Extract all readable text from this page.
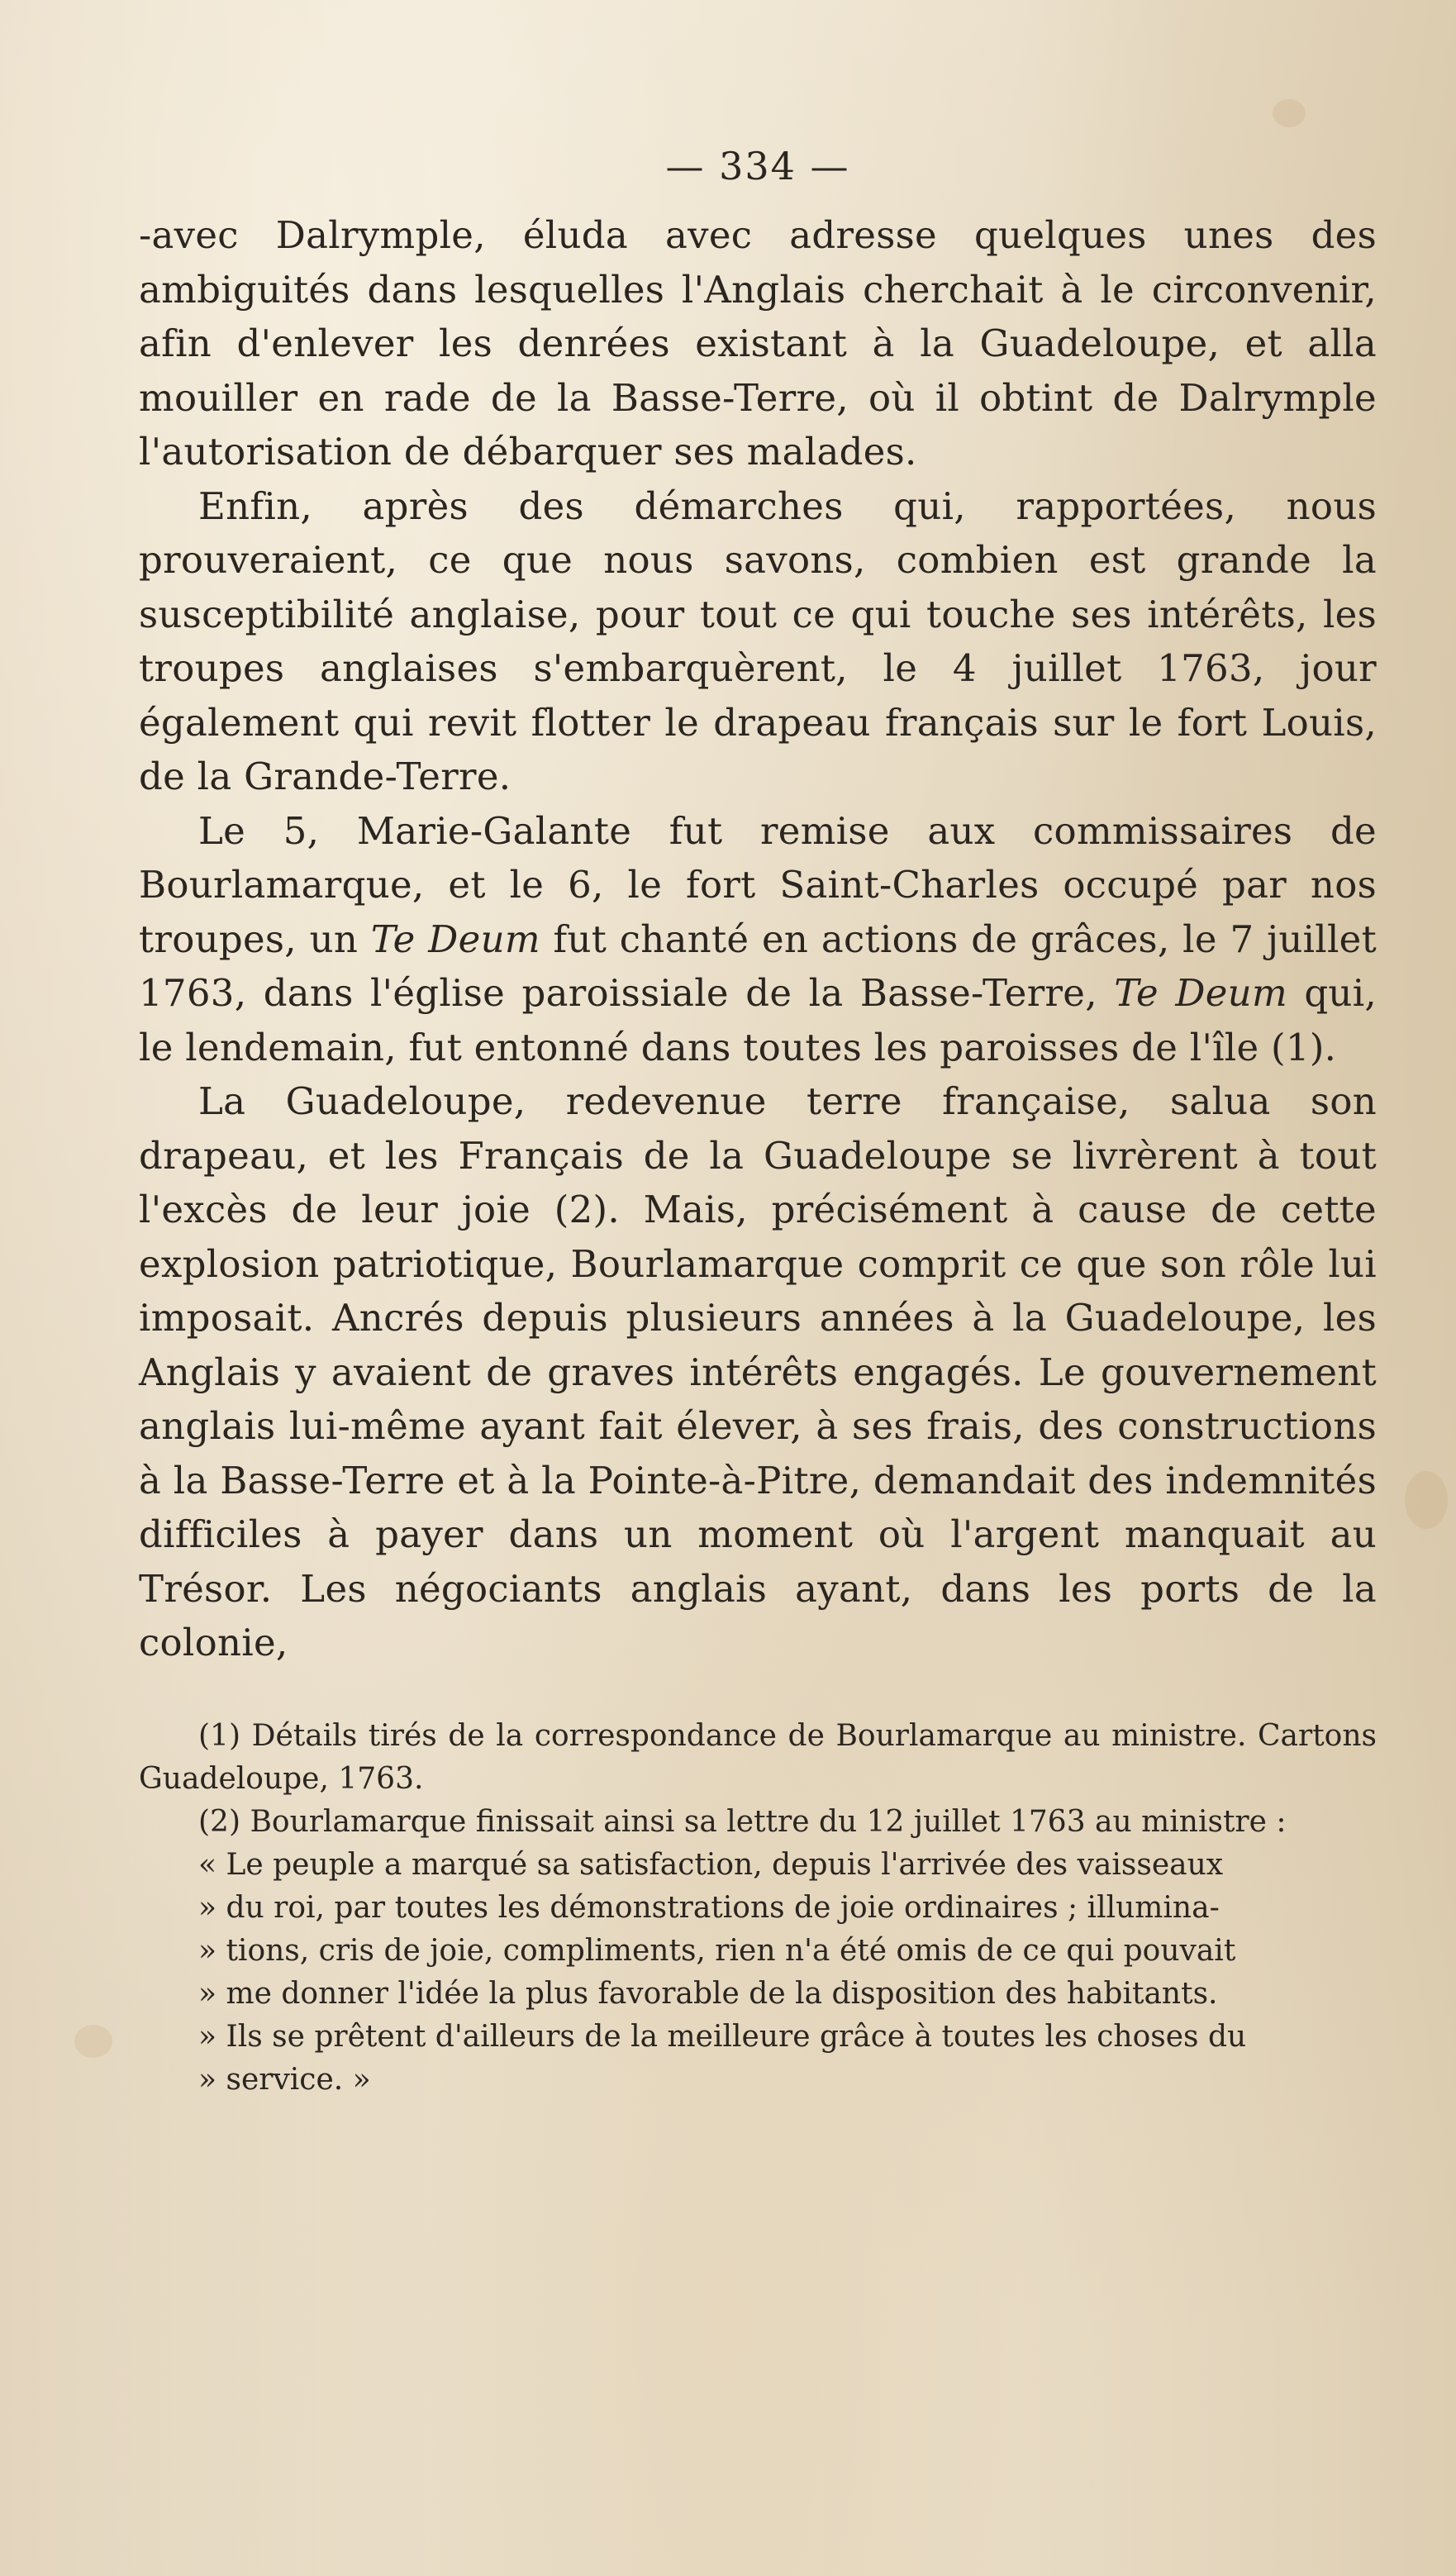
— 334 —

-avec Dalrymple, éluda avec adresse quelques unes des ambiguités dans lesquelles l'Anglais cherchait à le circonvenir, afin d'enlever les denrées existant à la Guadeloupe, et alla mouiller en rade de la Basse-Terre, où il obtint de Dalrymple l'autorisation de débarquer ses malades.

Enfin, après des démarches qui, rapportées, nous prouveraient, ce que nous savons, combien est grande la susceptibilité anglaise, pour tout ce qui touche ses intérêts, les troupes anglaises s'embarquèrent, le 4 juillet 1763, jour également qui revit flotter le drapeau français sur le fort Louis, de la Grande-Terre.

Le 5, Marie-Galante fut remise aux commissaires de Bourlamarque, et le 6, le fort Saint-Charles occupé par nos troupes, un Te Deum fut chanté en actions de grâces, le 7 juillet 1763, dans l'église paroissiale de la Basse-Terre, Te Deum qui, le lendemain, fut entonné dans toutes les paroisses de l'île (1).

La Guadeloupe, redevenue terre française, salua son drapeau, et les Français de la Guadeloupe se livrèrent à tout l'excès de leur joie (2). Mais, précisément à cause de cette explosion patriotique, Bourlamarque comprit ce que son rôle lui imposait. Ancrés depuis plusieurs années à la Guadeloupe, les Anglais y avaient de graves intérêts engagés. Le gouvernement anglais lui-même ayant fait élever, à ses frais, des constructions à la Basse-Terre et à la Pointe-à-Pitre, demandait des indemnités difficiles à payer dans un moment où l'argent manquait au Trésor. Les négociants anglais ayant, dans les ports de la colonie,

(1) Détails tirés de la correspondance de Bourlamarque au ministre. Cartons Guadeloupe, 1763.

(2) Bourlamarque finissait ainsi sa lettre du 12 juillet 1763 au ministre :

« Le peuple a marqué sa satisfaction, depuis l'arrivée des vaisseaux

» du roi, par toutes les démonstrations de joie ordinaires ; illumina-

» tions, cris de joie, compliments, rien n'a été omis de ce qui pouvait

» me donner l'idée la plus favorable de la disposition des habitants.

» Ils se prêtent d'ailleurs de la meilleure grâce à toutes les choses du

» service. »
